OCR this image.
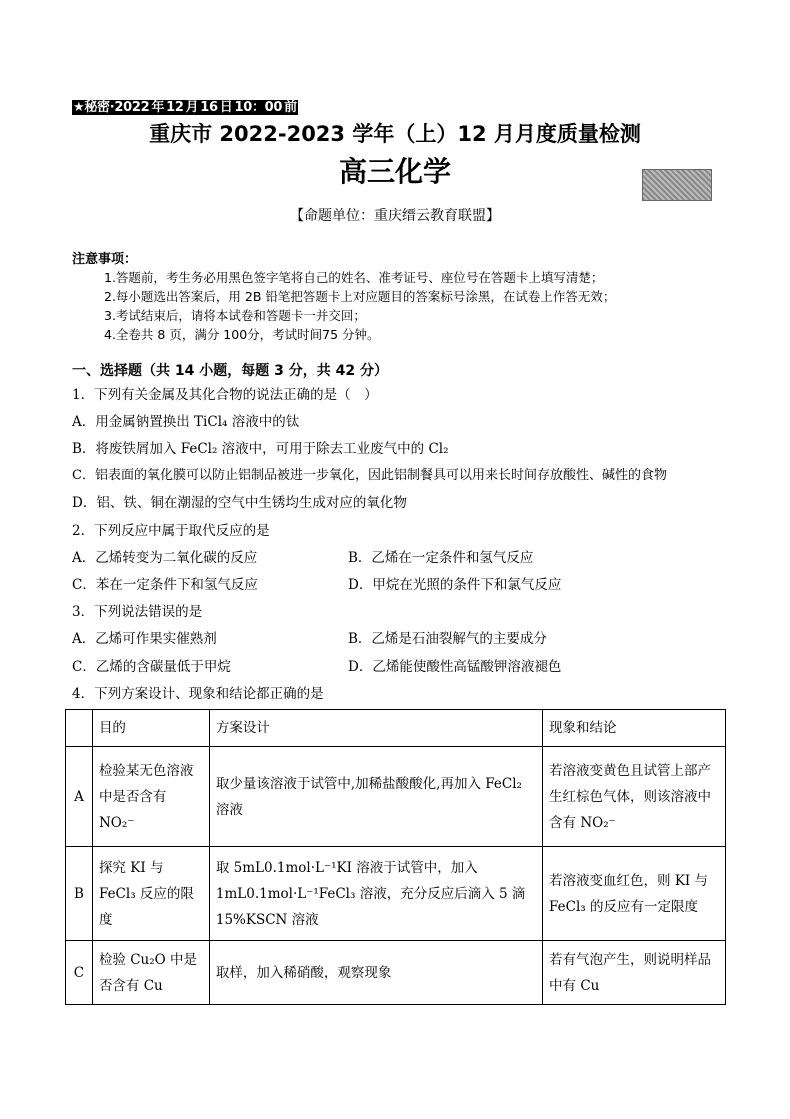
★秘密·2022 年 12 月 16 日 10：00 前
重庆市 2022-2023 学年（上）12 月月度质量检测
高三化学
【命题单位：重庆缙云教育联盟】
注意事项：
1.答题前，考生务必用黑色签字笔将自己的姓名、准考证号、座位号在答题卡上填写清楚；
2.每小题选出答案后，用 2B 铅笔把答题卡上对应题目的答案标号涂黑，在试卷上作答无效；
3.考试结束后，请将本试卷和答题卡一并交回；
4.全卷共 8 页，满分 100分，考试时间75 分钟。
一、选择题（共 14 小题，每题 3 分，共 42 分）
1．下列有关金属及其化合物的说法正确的是（　）
A．用金属钠置换出 TiCl₄ 溶液中的钛
B．将废铁屑加入 FeCl₂ 溶液中，可用于除去工业废气中的 Cl₂
C．铝表面的氧化膜可以防止铝制品被进一步氧化，因此铝制餐具可以用来长时间存放酸性、碱性的食物
D．铝、铁、铜在潮湿的空气中生锈均生成对应的氧化物
2．下列反应中属于取代反应的是
A．乙烯转变为二氧化碳的反应	B．乙烯在一定条件和氢气反应
C．苯在一定条件下和氢气反应	D．甲烷在光照的条件下和氯气反应
3．下列说法错误的是
A．乙烯可作果实催熟剂	B．乙烯是石油裂解气的主要成分
C．乙烯的含碳量低于甲烷	D．乙烯能使酸性高锰酸钾溶液褪色
4．下列方案设计、现象和结论都正确的是
	目的	方案设计	现象和结论
A	检验某无色溶液中是否含有 NO₂⁻	取少量该溶液于试管中,加稀盐酸酸化,再加入 FeCl₂ 溶液	若溶液变黄色且试管上部产生红棕色气体，则该溶液中含有 NO₂⁻
B	探究 KI 与 FeCl₃ 反应的限度	取 5mL0.1mol·L⁻¹KI 溶液于试管中，加入 1mL0.1mol·L⁻¹FeCl₃ 溶液，充分反应后滴入 5 滴 15%KSCN 溶液	若溶液变血红色，则 KI 与 FeCl₃ 的反应有一定限度
C	检验 Cu₂O 中是否含有 Cu	取样，加入稀硝酸，观察现象	若有气泡产生，则说明样品中有 Cu
